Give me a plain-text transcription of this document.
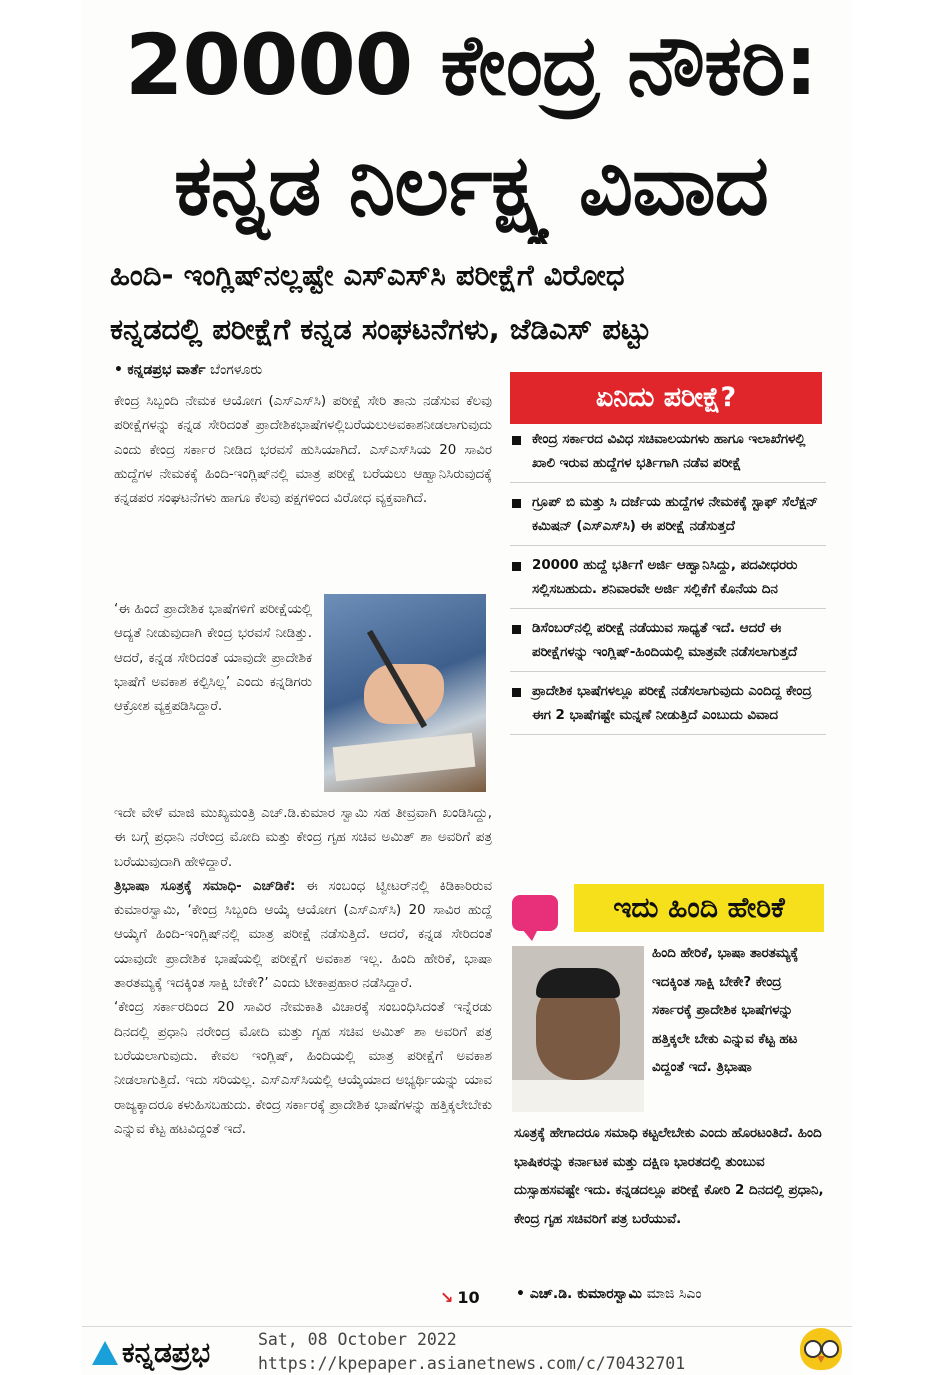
20000 ಕೇಂದ್ರ ನೌಕರಿ:
ಕನ್ನಡ ನಿರ್ಲಕ್ಷ್ಯ ವಿವಾದ
ಹಿಂದಿ- ಇಂಗ್ಲಿಷ್‌ನಲ್ಲಷ್ಟೇ ಎಸ್‌ಎಸ್‌ಸಿ ಪರೀಕ್ಷೆಗೆ ವಿರೋಧ
ಕನ್ನಡದಲ್ಲಿ ಪರೀಕ್ಷೆಗೆ ಕನ್ನಡ ಸಂಘಟನೆಗಳು, ಜೆಡಿಎಸ್‌ ಪಟ್ಟು
• ಕನ್ನಡಪ್ರಭ ವಾರ್ತೆ ಬೆಂಗಳೂರು

ಕೇಂದ್ರ ಸಿಬ್ಬಂದಿ ನೇಮಕ ಆಯೋಗ (ಎಸ್‌ಎಸ್‌ಸಿ) ಪರೀಕ್ಷೆ ಸೇರಿ ತಾನು ನಡೆಸುವ ಕೆಲವು ಪರೀಕ್ಷೆಗಳನ್ನು ಕನ್ನಡ ಸೇರಿದಂತೆ ಪ್ರಾದೇಶಿಕಭಾಷೆಗಳಲ್ಲಿಬರೆಯಲುಅವಕಾಶನೀಡಲಾಗುವುದು ಎಂದು ಕೇಂದ್ರ ಸರ್ಕಾರ ನೀಡಿದ ಭರವಸೆ ಹುಸಿಯಾಗಿದೆ. ಎಸ್‌ಎಸ್‌ಸಿಯ 20 ಸಾವಿರ ಹುದ್ದೆಗಳ ನೇಮಕಕ್ಕೆ ಹಿಂದಿ-ಇಂಗ್ಲಿಷ್‌ನಲ್ಲಿ ಮಾತ್ರ ಪರೀಕ್ಷೆ ಬರೆಯಲು ಆಹ್ವಾನಿಸಿರುವುದಕ್ಕೆ ಕನ್ನಡಪರ ಸಂಘಟನೆಗಳು ಹಾಗೂ ಕೆಲವು ಪಕ್ಷಗಳಿಂದ ವಿರೋಧ ವ್ಯಕ್ತವಾಗಿದೆ.

‘ಈ ಹಿಂದೆ ಪ್ರಾದೇಶಿಕ ಭಾಷೆಗಳಿಗೆ ಪರೀಕ್ಷೆಯಲ್ಲಿ ಆದ್ಯತೆ ನೀಡುವುದಾಗಿ ಕೇಂದ್ರ ಭರವಸೆ ನೀಡಿತ್ತು. ಆದರೆ, ಕನ್ನಡ ಸೇರಿದಂತೆ ಯಾವುದೇ ಪ್ರಾದೇಶಿಕ ಭಾಷೆಗೆ ಅವಕಾಶ ಕಲ್ಪಿಸಿಲ್ಲ’ ಎಂದು ಕನ್ನಡಿಗರು ಆಕ್ರೋಶ ವ್ಯಕ್ತಪಡಿಸಿದ್ದಾರೆ.

ಇದೇ ವೇಳೆ ಮಾಜಿ ಮುಖ್ಯಮಂತ್ರಿ ಎಚ್‌.ಡಿ.ಕುಮಾರ ಸ್ವಾಮಿ ಸಹ ತೀವ್ರವಾಗಿ ಖಂಡಿಸಿದ್ದು, ಈ ಬಗ್ಗೆ ಪ್ರಧಾನಿ ನರೇಂದ್ರ ಮೋದಿ ಮತ್ತು ಕೇಂದ್ರ ಗೃಹ ಸಚಿವ ಅಮಿತ್‌ ಶಾ ಅವರಿಗೆ ಪತ್ರ ಬರೆಯುವುದಾಗಿ ಹೇಳಿದ್ದಾರೆ.

ತ್ರಿಭಾಷಾ ಸೂತ್ರಕ್ಕೆ ಸಮಾಧಿ- ಎಚ್‌ಡಿಕೆ: ಈ ಸಂಬಂಧ ಟ್ವೀಟರ್‌ನಲ್ಲಿ ಕಿಡಿಕಾರಿರುವ ಕುಮಾರಸ್ವಾಮಿ, ‘ಕೇಂದ್ರ ಸಿಬ್ಬಂದಿ ಆಯ್ಕೆ ಆಯೋಗ (ಎಸ್‌ಎಸ್‌ಸಿ) 20 ಸಾವಿರ ಹುದ್ದೆ ಆಯ್ಕೆಗೆ ಹಿಂದಿ-ಇಂಗ್ಲಿಷ್‌ನಲ್ಲಿ ಮಾತ್ರ ಪರೀಕ್ಷೆ ನಡೆಸುತ್ತಿದೆ. ಆದರೆ, ಕನ್ನಡ ಸೇರಿದಂತೆ ಯಾವುದೇ ಪ್ರಾದೇಶಿಕ ಭಾಷೆಯಲ್ಲಿ ಪರೀಕ್ಷೆಗೆ ಅವಕಾಶ ಇಲ್ಲ. ಹಿಂದಿ ಹೇರಿಕೆ, ಭಾಷಾ ತಾರತಮ್ಯಕ್ಕೆ ಇದಕ್ಕಿಂತ ಸಾಕ್ಷಿ ಬೇಕೇ?’ ಎಂದು ಟೀಕಾಪ್ರಹಾರ ನಡೆಸಿದ್ದಾರೆ.

‘ಕೇಂದ್ರ ಸರ್ಕಾರದಿಂದ 20 ಸಾವಿರ ನೇಮಕಾತಿ ವಿಚಾರಕ್ಕೆ ಸಂಬಂಧಿಸಿದಂತೆ ಇನ್ನೆರಡು ದಿನದಲ್ಲಿ ಪ್ರಧಾನಿ ನರೇಂದ್ರ ಮೋದಿ ಮತ್ತು ಗೃಹ ಸಚಿವ ಅಮಿತ್‌ ಶಾ ಅವರಿಗೆ ಪತ್ರ ಬರೆಯಲಾಗುವುದು. ಕೇವಲ ಇಂಗ್ಲಿಷ್‌, ಹಿಂದಿಯಲ್ಲಿ ಮಾತ್ರ ಪರೀಕ್ಷೆಗೆ ಅವಕಾಶ ನೀಡಲಾಗುತ್ತಿದೆ. ಇದು ಸರಿಯಲ್ಲ. ಎಸ್‌ಎಸ್‌ಸಿಯಲ್ಲಿ ಆಯ್ಕೆಯಾದ ಅಭ್ಯರ್ಥಿಯನ್ನು ಯಾವ ರಾಜ್ಯಕ್ಕಾದರೂ ಕಳುಹಿಸಬಹುದು. ಕೇಂದ್ರ ಸರ್ಕಾರಕ್ಕೆ ಪ್ರಾದೇಶಿಕ ಭಾಷೆಗಳನ್ನು ಹತ್ತಿಕ್ಕಲೇಬೇಕು ಎನ್ನುವ ಕೆಟ್ಟ ಹಟವಿದ್ದಂತೆ ಇದೆ.

↘ 10
ಏನಿದು ಪರೀಕ್ಷೆ?
ಕೇಂದ್ರ ಸರ್ಕಾರದ ವಿವಿಧ ಸಚಿವಾಲಯಗಳು ಹಾಗೂ ಇಲಾಖೆಗಳಲ್ಲಿ ಖಾಲಿ ಇರುವ ಹುದ್ದೆಗಳ ಭರ್ತಿಗಾಗಿ ನಡೆವ ಪರೀಕ್ಷೆ
ಗ್ರೂಪ್‌ ಬಿ ಮತ್ತು ಸಿ ದರ್ಜೆಯ ಹುದ್ದೆಗಳ ನೇಮಕಕ್ಕೆ ಸ್ಟಾಫ್‌ ಸೆಲೆಕ್ಷನ್‌ ಕಮಿಷನ್‌ (ಎಸ್‌ಎಸ್‌ಸಿ) ಈ ಪರೀಕ್ಷೆ ನಡೆಸುತ್ತದೆ
20000 ಹುದ್ದೆ ಭರ್ತಿಗೆ ಅರ್ಜಿ ಆಹ್ವಾನಿಸಿದ್ದು, ಪದವೀಧರರು ಸಲ್ಲಿಸಬಹುದು. ಶನಿವಾರವೇ ಅರ್ಜಿ ಸಲ್ಲಿಕೆಗೆ ಕೊನೆಯ ದಿನ
ಡಿಸೆಂಬರ್‌ನಲ್ಲಿ ಪರೀಕ್ಷೆ ನಡೆಯುವ ಸಾಧ್ಯತೆ ಇದೆ. ಆದರೆ ಈ ಪರೀಕ್ಷೆಗಳನ್ನು ಇಂಗ್ಲಿಷ್‌-ಹಿಂದಿಯಲ್ಲಿ ಮಾತ್ರವೇ ನಡೆಸಲಾಗುತ್ತದೆ
ಪ್ರಾದೇಶಿಕ ಭಾಷೆಗಳಲ್ಲೂ ಪರೀಕ್ಷೆ ನಡೆಸಲಾಗುವುದು ಎಂದಿದ್ದ ಕೇಂದ್ರ ಈಗ 2 ಭಾಷೆಗಷ್ಟೇ ಮನ್ನಣೆ ನೀಡುತ್ತಿದೆ ಎಂಬುದು ವಿವಾದ
ಇದು ಹಿಂದಿ ಹೇರಿಕೆ
ಹಿಂದಿ ಹೇರಿಕೆ, ಭಾಷಾ ತಾರತಮ್ಯಕ್ಕೆ ಇದಕ್ಕಿಂತ ಸಾಕ್ಷಿ ಬೇಕೇ? ಕೇಂದ್ರ ಸರ್ಕಾರಕ್ಕೆ ಪ್ರಾದೇಶಿಕ ಭಾಷೆಗಳನ್ನು ಹತ್ತಿಕ್ಕಲೇ ಬೇಕು ಎನ್ನುವ ಕೆಟ್ಟ ಹಟ ವಿದ್ದಂತೆ ಇದೆ. ತ್ರಿಭಾಷಾ
ಸೂತ್ರಕ್ಕೆ ಹೇಗಾದರೂ ಸಮಾಧಿ ಕಟ್ಟಲೇಬೇಕು ಎಂದು ಹೊರಟಂತಿದೆ. ಹಿಂದಿ ಭಾಷಿಕರನ್ನು ಕರ್ನಾಟಕ ಮತ್ತು ದಕ್ಷಿಣ ಭಾರತದಲ್ಲಿ ತುಂಬುವ ದುಸ್ಸಾಹಸವಷ್ಟೇ ಇದು. ಕನ್ನಡದಲ್ಲೂ ಪರೀಕ್ಷೆ ಕೋರಿ 2 ದಿನದಲ್ಲಿ ಪ್ರಧಾನಿ, ಕೇಂದ್ರ ಗೃಹ ಸಚಿವರಿಗೆ ಪತ್ರ ಬರೆಯುವೆ.
• ಎಚ್‌.ಡಿ. ಕುಮಾರಸ್ವಾಮಿ ಮಾಜಿ ಸಿಎಂ
ಕನ್ನಡಪ್ರಭ	Sat, 08 October 2022
https://kpepaper.asianetnews.com/c/70432701
